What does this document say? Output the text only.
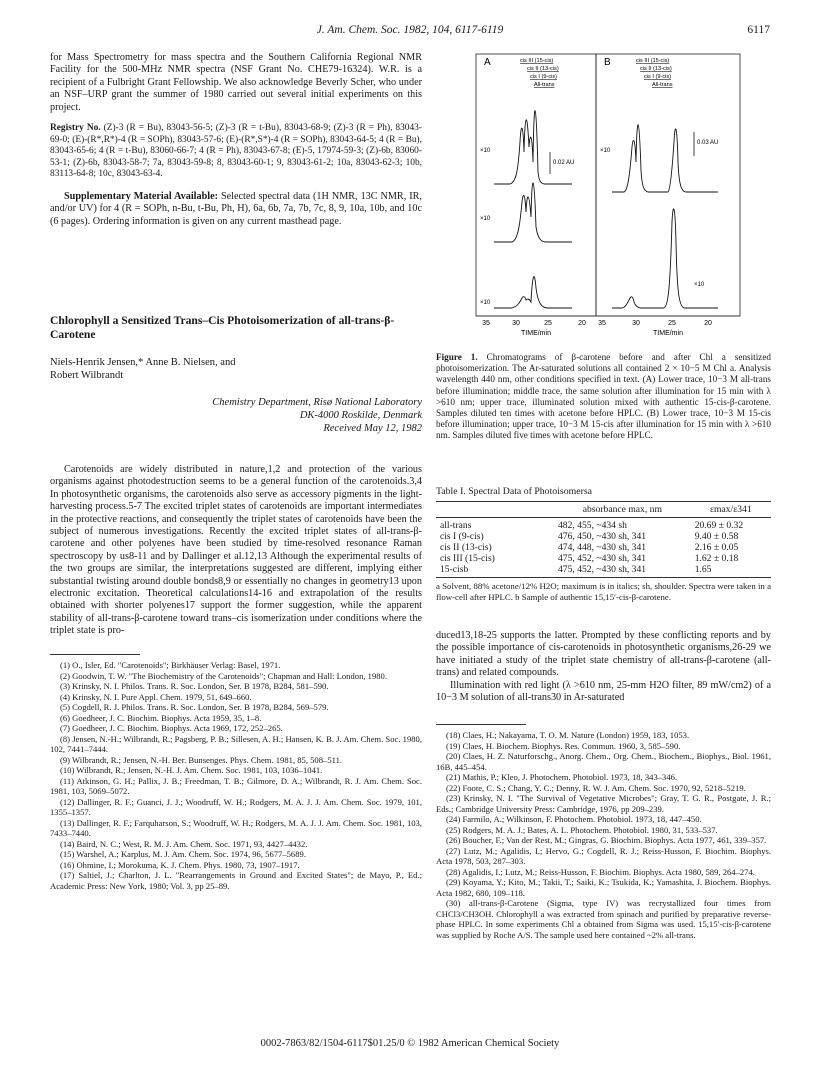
J. Am. Chem. Soc. 1982, 104, 6117-6119	6117

for Mass Spectrometry for mass spectra and the Southern California Regional NMR Facility for the 500-MHz NMR spectra (NSF Grant No. CHE79-16324). W.R. is a recipient of a Fulbright Grant Fellowship. We also acknowledge Beverly Scher, who under an NSF–URP grant the summer of 1980 carried out several initial experiments on this project.

Registry No. (Z)-3 (R = Bu), 83043-56-5; (Z)-3 (R = t-Bu), 83043-68-9; (Z)-3 (R = Ph), 83043-69-0; (E)-(R*,R*)-4 (R = SOPh), 83043-57-6; (E)-(R*,S*)-4 (R = SOPh), 83043-64-5; 4 (R = Bu), 83043-65-6; 4 (R = t-Bu), 83060-66-7; 4 (R = Ph), 83043-67-8; (E)-5, 17974-59-3; (Z)-6b, 83060-53-1; (Z)-6b, 83043-58-7; 7a, 83043-59-8; 8, 83043-60-1; 9, 83043-61-2; 10a, 83043-62-3; 10b, 83113-64-8; 10c, 83043-63-4.

Supplementary Material Available: Selected spectral data (1H NMR, 13C NMR, IR, and/or UV) for 4 (R = SOPh, n-Bu, t-Bu, Ph, H), 6a, 6b, 7a, 7b, 7c, 8, 9, 10a, 10b, and 10c (6 pages). Ordering information is given on any current masthead page.

Chlorophyll a Sensitized Trans–Cis Photoisomerization of all-trans-β-Carotene
Niels-Henrik Jensen,* Anne B. Nielsen, and
Robert Wilbrandt
Chemistry Department, Risø National Laboratory
DK-4000 Roskilde, Denmark
Received May 12, 1982

Carotenoids are widely distributed in nature,1,2 and protection of the various organisms against photodestruction seems to be a general function of the carotenoids.3,4 In photosynthetic organisms, the carotenoids also serve as accessory pigments in the light-harvesting process.5-7 The excited triplet states of carotenoids are important intermediates in the protective reactions, and consequently the triplet states of carotenoids have been the subject of numerous investigations. Recently the excited triplet states of all-trans-β-carotene and other polyenes have been studied by time-resolved resonance Raman spectroscopy by us8-11 and by Dallinger et al.12,13 Although the experimental results of the two groups are similar, the interpretations suggested are different, implying either substantial twisting around double bonds8,9 or essentially no changes in geometry13 upon electronic excitation. Theoretical calculations14-16 and extrapolation of the results obtained with shorter polyenes17 support the former suggestion, while the apparent stability of all-trans-β-carotene toward trans–cis isomerization under conditions where the triplet state is pro-

(1) O., Isler, Ed. "Carotenoids"; Birkhäuser Verlag: Basel, 1971.

(2) Goodwin, T. W. "The Biochemistry of the Carotenoids"; Chapman and Hall: London, 1980.

(3) Krinsky, N. I. Philos. Trans. R. Soc. London, Ser. B 1978, B284, 581–590.

(4) Krinsky, N. I. Pure Appl. Chem. 1979, 51, 649–660.

(5) Cogdell, R. J. Philos. Trans. R. Soc. London, Ser. B 1978, B284, 569–579.

(6) Goedheer, J. C. Biochim. Biophys. Acta 1959, 35, 1–8.

(7) Goedheer, J. C. Biochim. Biophys. Acta 1969, 172, 252–265.

(8) Jensen, N.-H.; Wilbrandt, R.; Pagsberg, P. B.; Sillesen, A. H.; Hansen, K. B. J. Am. Chem. Soc. 1980, 102, 7441–7444.

(9) Wilbrandt, R.; Jensen, N.-H. Ber. Bunsenges. Phys. Chem. 1981, 85, 508–511.

(10) Wilbrandt, R.; Jensen, N.-H. J. Am. Chem. Soc. 1981, 103, 1036–1041.

(11) Atkinson, G. H.; Pallix, J. B.; Freedman, T. B.; Gilmore, D. A.; Wilbrandt, R. J. Am. Chem. Soc. 1981, 103, 5069–5072.

(12) Dallinger, R. F.; Guanci, J. J.; Woodruff, W. H.; Rodgers, M. A. J. J. Am. Chem. Soc. 1979, 101, 1355–1357.

(13) Dallinger, R. F.; Farquharson, S.; Woodruff, W. H.; Rodgers, M. A. J. J. Am. Chem. Soc. 1981, 103, 7433–7440.

(14) Baird, N. C.; West, R. M. J. Am. Chem. Soc. 1971, 93, 4427–4432.

(15) Warshel, A.; Karplus, M. J. Am. Chem. Soc. 1974, 96, 5677–5689.

(16) Ohmine, I.; Morokuma, K. J. Chem. Phys. 1980, 73, 1907–1917.

(17) Saltiel, J.; Charlton, J. L. "Rearrangements in Ground and Excited States"; de Mayo, P., Ed.; Academic Press: New York, 1980; Vol. 3, pp 25–89.

A	B
cis III (15-cis)
cis II (13-cis)
cis I (9-cis)
All-trans
cis III (15-cis)
cis II (13-cis)
cis I (9-cis)
All-trans
×10
×10
×10
0.02 AU
×10
×10
0.03 AU
35	30	25	20 35	30	25	20
TIME/min	TIME/min
Figure 1. Chromatograms of β-carotene before and after Chl a sensitized photoisomerization. The Ar-saturated solutions all contained 2 × 10−5 M Chl a. Analysis wavelength 440 nm, other conditions specified in text. (A) Lower trace, 10−3 M all-trans before illumination; middle trace, the same solution after illumination for 15 min with λ >610 nm; upper trace, illuminated solution mixed with authentic 15-cis-β-carotene. Samples diluted ten times with acetone before HPLC. (B) Lower trace, 10−3 M 15-cis before illumination; upper trace, 10−3 M 15-cis after illumination for 15 min with λ >610 nm. Samples diluted five times with acetone before HPLC.
Table I. Spectral Data of Photoisomersa
	absorbance max, nm	εmax/ε341

all-trans	482, 455, ~434 sh	20.69 ± 0.32
cis I (9-cis)	476, 450, ~430 sh, 341	9.40 ± 0.58
cis II (13-cis)	474, 448, ~430 sh, 341	2.16 ± 0.05
cis III (15-cis)	475, 452, ~430 sh, 341	1.62 ± 0.18
15-cisb	475, 452, ~430 sh, 341	1.65
a Solvent, 88% acetone/12% H2O; maximum is in italics; sh, shoulder. Spectra were taken in a flow-cell after HPLC. b Sample of authentic 15,15′-cis-β-carotene.

duced13,18-25 supports the latter. Prompted by these conflicting reports and by the possible importance of cis-carotenoids in photosynthetic organisms,26-29 we have initiated a study of the triplet state chemistry of all-trans-β-carotene (all-trans) and related compounds.

Illumination with red light (λ >610 nm, 25-mm H2O filter, 89 mW/cm2) of a 10−3 M solution of all-trans30 in Ar-saturated

(18) Claes, H.; Nakayama, T. O. M. Nature (London) 1959, 183, 1053.

(19) Claes, H. Biochem. Biophys. Res. Commun. 1960, 3, 585–590.

(20) Claes, H. Z. Naturforschg., Anorg. Chem., Org. Chem., Biochem., Biophys., Biol. 1961, 16B, 445–454.

(21) Mathis, P.; Kleo, J. Photochem. Photobiol. 1973, 18, 343–346.

(22) Foote, C. S.; Chang, Y. C.; Denny, R. W. J. Am. Chem. Soc. 1970, 92, 5218–5219.

(23) Krinsky, N. I. "The Survival of Vegetative Microbes"; Gray, T. G. R., Postgate, J. R.; Eds.; Cambridge University Press: Cambridge, 1976, pp 209–239.

(24) Farmilo, A.; Wilkinson, F. Photochem. Photobiol. 1973, 18, 447–450.

(25) Rodgers, M. A. J.; Bates, A. L. Photochem. Photobiol. 1980, 31, 533–537.

(26) Boucher, F.; Van der Rest, M.; Gingras, G. Biochim. Biophys. Acta 1977, 461, 339–357.

(27) Lutz, M.; Agalidis, I.; Hervo, G.; Cogdell, R. J.; Reiss-Husson, F. Biochim. Biophys. Acta 1978, 503, 287–303.

(28) Agalidis, I.; Lutz, M.; Reiss-Husson, F. Biochim. Biophys. Acta 1980, 589, 264–274.

(29) Koyama, Y.; Kito, M.; Takii, T.; Saiki, K.; Tsukida, K.; Yamashita, J. Biochem. Biophys. Acta 1982, 680, 109–118.

(30) all-trans-β-Carotene (Sigma, type IV) was recrystallized four times from CHCl3/CH3OH. Chlorophyll a was extracted from spinach and purified by preparative reverse-phase HPLC. In some experiments Chl a obtained from Sigma was used. 15,15′-cis-β-carotene was supplied by Roche A/S. The sample used here contained ~2% all-trans.

0002-7863/82/1504-6117$01.25/0 © 1982 American Chemical Society
